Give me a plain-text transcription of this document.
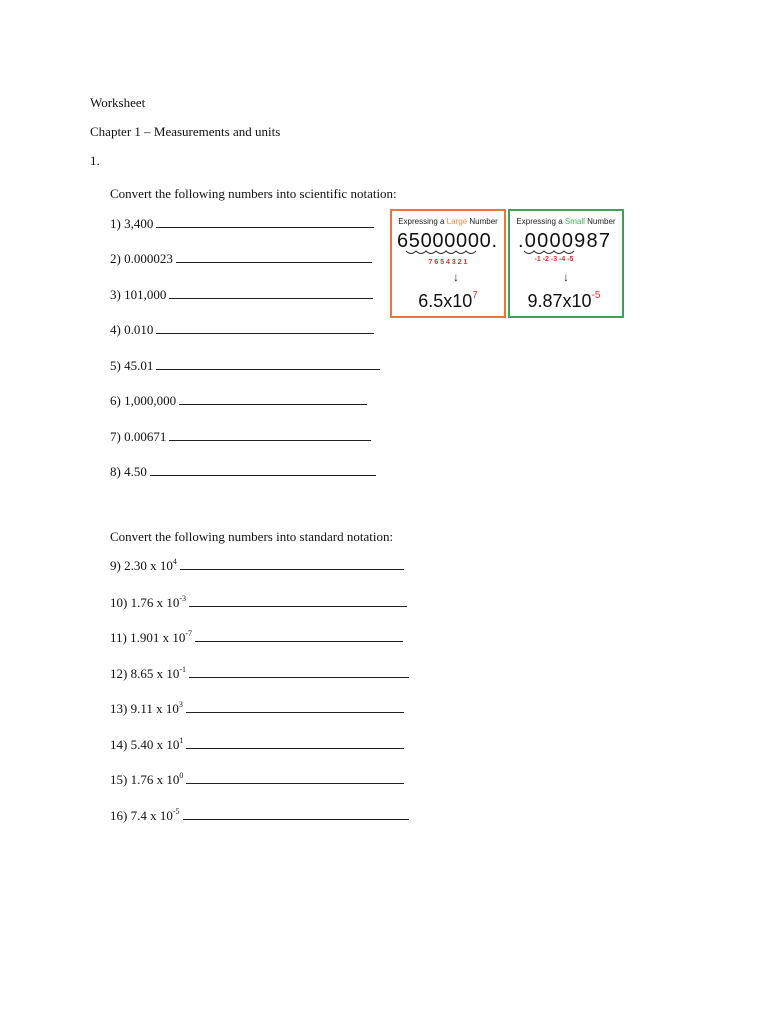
Worksheet
Chapter 1 – Measurements and units
1.
Convert the following numbers into scientific notation:
1) 3,400
2) 0.000023
3) 101,000
4) 0.010
5) 45.01
6) 1,000,000
7) 0.00671
8) 4.50
Convert the following numbers into standard notation:
9) 2.30 x $10^4$
10) 1.76 x $10^{-3}$
11) 1.901 x $10^{-7}$
12) 8.65 x $10^{-1}$
13) 9.11 x $10^3$
14) 5.40 x $10^1$
15) 1.76 x $10^0$
16) 7.4 x $10^{-5}$
Expressing a Large Number
65000000.
7 6 5 4 3 2 1
↓
$6.5x10^7$
Expressing a Small Number
.0000987
-1 -2 -3 -4 -5
↓
$9.87x10^{-5}$
